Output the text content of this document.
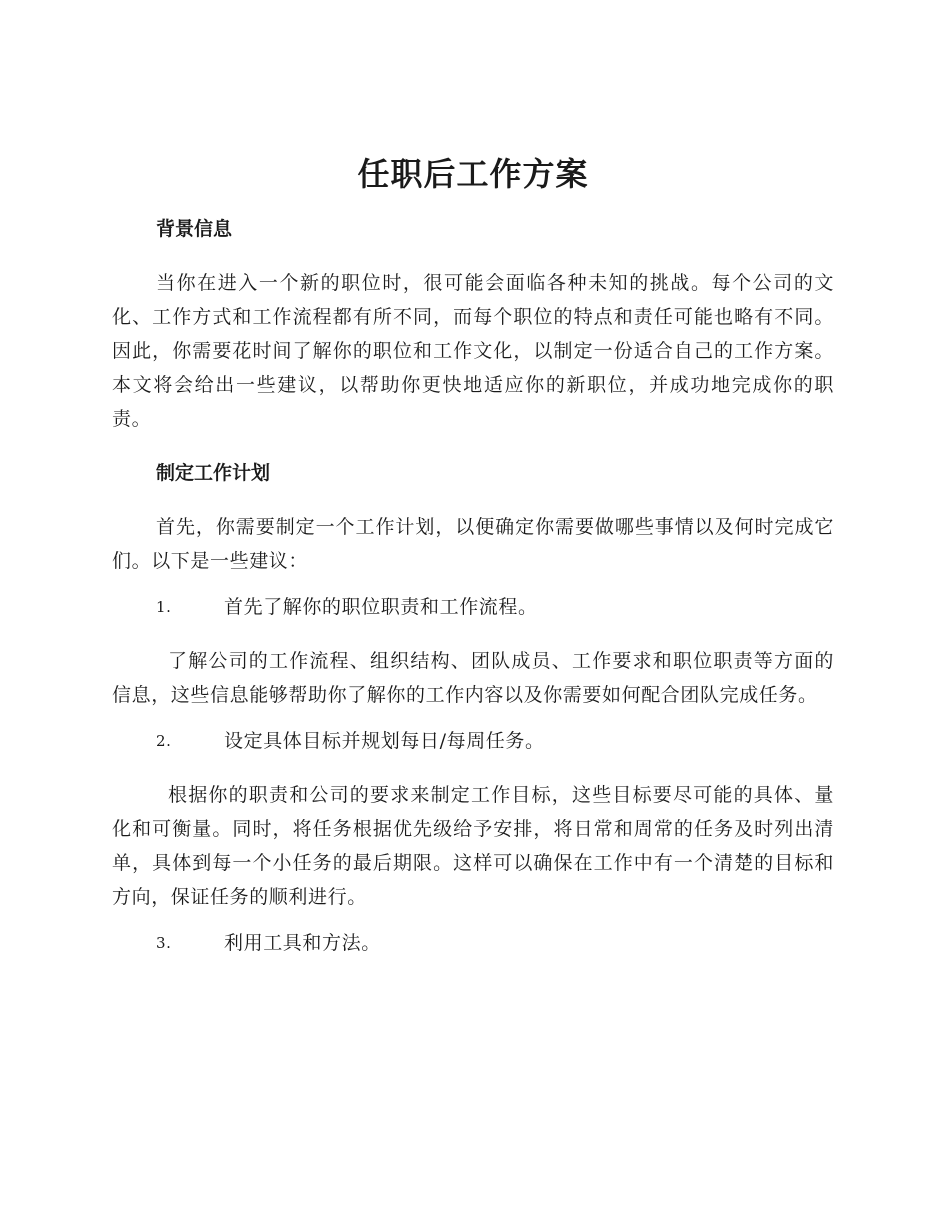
任职后工作方案
背景信息

当你在进入一个新的职位时，很可能会面临各种未知的挑战。每个公司的文化、工作方式和工作流程都有所不同，而每个职位的特点和责任可能也略有不同。因此，你需要花时间了解你的职位和工作文化，以制定一份适合自己的工作方案。本文将会给出一些建议，以帮助你更快地适应你的新职位，并成功地完成你的职责。

制定工作计划

首先，你需要制定一个工作计划，以便确定你需要做哪些事情以及何时完成它们。以下是一些建议：

1.	首先了解你的职位职责和工作流程。

了解公司的工作流程、组织结构、团队成员、工作要求和职位职责等方面的信息，这些信息能够帮助你了解你的工作内容以及你需要如何配合团队完成任务。

2.	设定具体目标并规划每日/每周任务。

根据你的职责和公司的要求来制定工作目标，这些目标要尽可能的具体、量化和可衡量。同时，将任务根据优先级给予安排，将日常和周常的任务及时列出清单，具体到每一个小任务的最后期限。这样可以确保在工作中有一个清楚的目标和方向，保证任务的顺利进行。

3.	利用工具和方法。
